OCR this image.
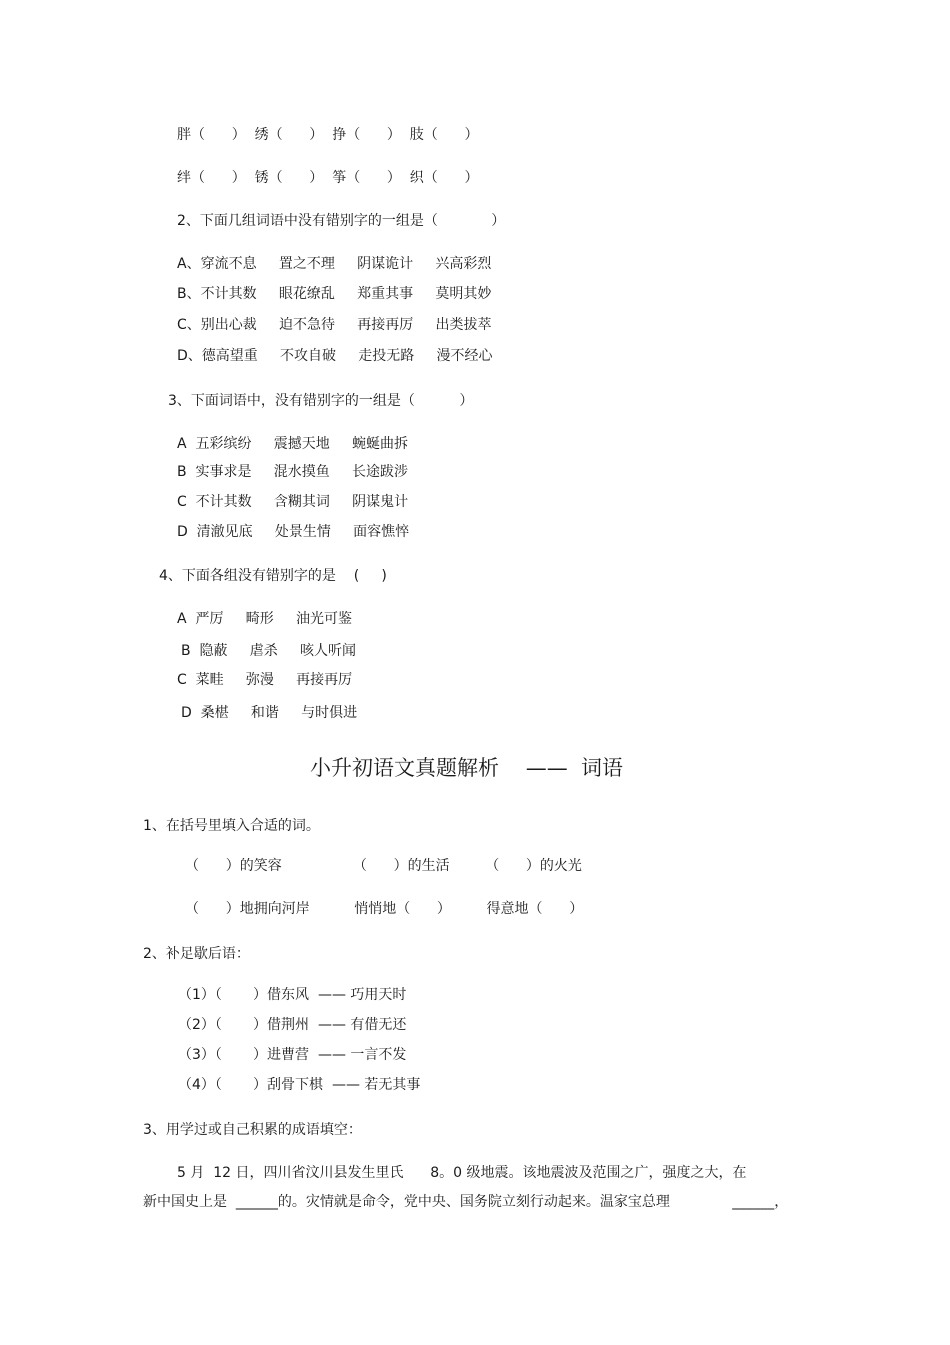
胖（      ）  绣（      ）  挣（      ）  肢（      ）
绊（      ）  锈（      ）  筝（      ）  织（      ）
2、下面几组词语中没有错别字的一组是（            ）
A、穿流不息     置之不理     阴谋诡计     兴高彩烈
B、不计其数     眼花缭乱     郑重其事     莫明其妙
C、别出心裁     迫不急待     再接再厉     出类拔萃
D、德高望重     不攻自破     走投无路     漫不经心
3、下面词语中，没有错别字的一组是（          ）
A  五彩缤纷     震撼天地     蜿蜒曲拆
B  实事求是     混水摸鱼     长途跋涉
C  不计其数     含糊其词     阴谋鬼计
D  清澈见底     处景生情     面容憔悴
4、下面各组没有错别字的是    (     )
A  严厉     畸形     油光可鉴
B  隐蔽     虐杀     咳人听闻
C  菜畦     弥漫     再接再厉
D  桑椹     和谐     与时俱进
小升初语文真题解析    ——  词语
1、在括号里填入合适的词。
（      ）的笑容                （      ）的生活        （      ）的火光
（      ）地拥向河岸          悄悄地（      ）        得意地（      ）
2、补足歇后语：
（1）（       ）借东风  —— 巧用天时
（2）（       ）借荆州  —— 有借无还
（3）（       ）进曹营  —— 一言不发
（4）（       ）刮骨下棋  —— 若无其事
3、用学过或自己积累的成语填空：
5 月  12 日，四川省汶川县发生里氏      8。0 级地震。该地震波及范围之广，强度之大，在
新中国史上是  ______的。灾情就是命令，党中央、国务院立刻行动起来。温家宝总理              ______，
